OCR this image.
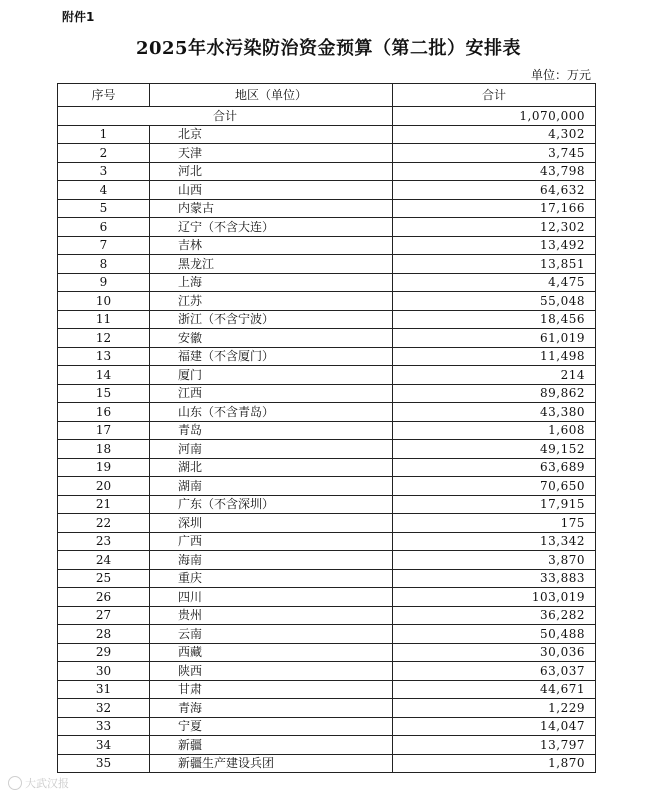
附件1
2025年水污染防治资金预算（第二批）安排表
单位：万元
序号	地区（单位）	合计
合计		1,070,000
1	北京	4,302
2	天津	3,745
3	河北	43,798
4	山西	64,632
5	内蒙古	17,166
6	辽宁（不含大连）	12,302
7	吉林	13,492
8	黑龙江	13,851
9	上海	4,475
10	江苏	55,048
11	浙江（不含宁波）	18,456
12	安徽	61,019
13	福建（不含厦门）	11,498
14	厦门	214
15	江西	89,862
16	山东（不含青岛）	43,380
17	青岛	1,608
18	河南	49,152
19	湖北	63,689
20	湖南	70,650
21	广东（不含深圳）	17,915
22	深圳	175
23	广西	13,342
24	海南	3,870
25	重庆	33,883
26	四川	103,019
27	贵州	36,282
28	云南	50,488
29	西藏	30,036
30	陕西	63,037
31	甘肃	44,671
32	青海	1,229
33	宁夏	14,047
34	新疆	13,797
35	新疆生产建设兵团	1,870
大武汉报
